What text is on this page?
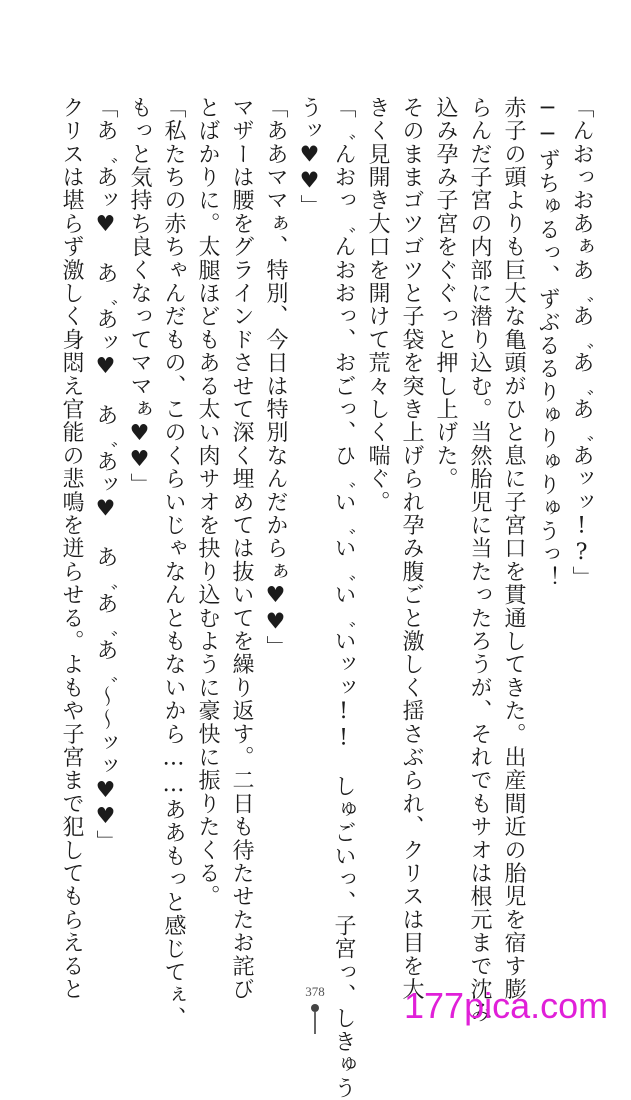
「んおっおあぁあ゛あ゛あ゛あ゛あッッ!?」
──ずちゅるっ、ずぶるるりゅりゅりゅうっ！
赤子の頭よりも巨大な亀頭がひと息に子宮口を貫通してきた。出産間近の胎児を宿す膨
らんだ子宮の内部に潜り込む。当然胎児に当たったろうが、それでもサオは根元まで沈み
込み孕み子宮をぐぐっと押し上げた。
そのままゴツゴツと子袋を突き上げられ孕み腹ごと激しく揺さぶられ、クリスは目を大
きく見開き大口を開けて荒々しく喘ぐ。
「゛んおっ゛んおおっ、おごっ、ひ゛い゛い゛い゛いッッ!!　しゅごいっ、子宮っ、しきゅう
うッ♥♥」
「ああママぁ、特別、今日は特別なんだからぁ♥♥」
マザーは腰をグラインドさせて深く埋めては抜いてを繰り返す。二日も待たせたお詫び
とばかりに。太腿ほどもある太い肉サオを抉り込むように豪快に振りたくる。
「私たちの赤ちゃんだもの、このくらいじゃなんともないから……ああもっと感じてぇ、
もっと気持ち良くなってママぁ♥♥」
「あ゛あッ♥　あ゛あッ♥　あ゛あッ♥　あ゛あ゛あ゛〜〜ッッ♥♥」
クリスは堪らず激しく身悶え官能の悲鳴を迸らせる。よもや子宮まで犯してもらえると	378	177pica.com
